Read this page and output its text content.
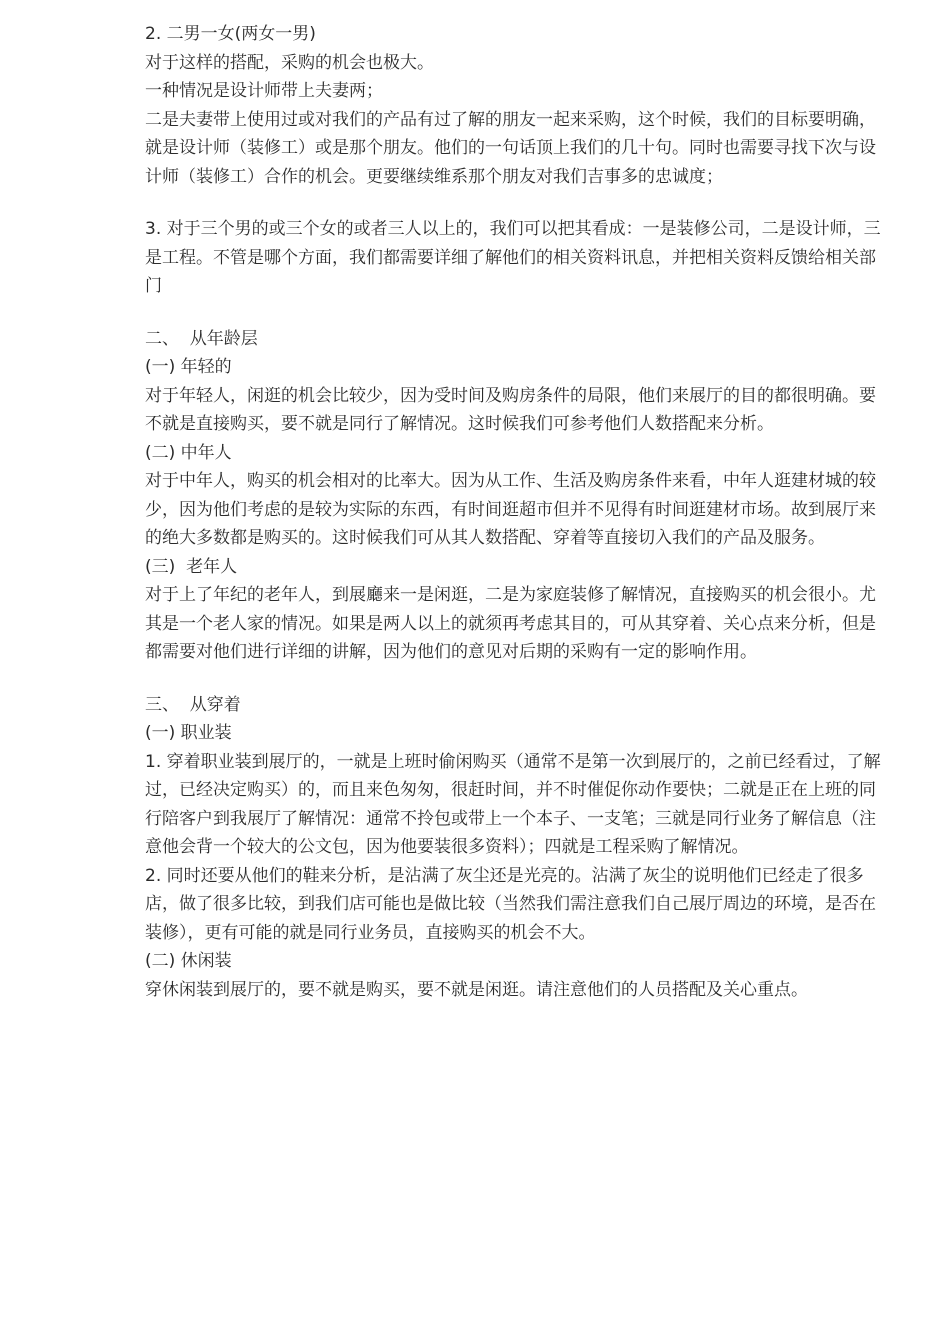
2. 二男一女(两女一男)

对于这样的搭配，采购的机会也极大。

一种情况是设计师带上夫妻两；

二是夫妻带上使用过或对我们的产品有过了解的朋友一起来采购，这个时候，我们的目标要明确，就是设计师（装修工）或是那个朋友。他们的一句话顶上我们的几十句。同时也需要寻找下次与设计师（装修工）合作的机会。更要继续维系那个朋友对我们吉事多的忠诚度；

3. 对于三个男的或三个女的或者三人以上的，我们可以把其看成：一是装修公司，二是设计师，三是工程。不管是哪个方面，我们都需要详细了解他们的相关资料讯息，并把相关资料反馈给相关部门

二、  从年龄层

(一) 年轻的

对于年轻人，闲逛的机会比较少，因为受时间及购房条件的局限，他们来展厅的目的都很明确。要不就是直接购买，要不就是同行了解情况。这时候我们可参考他们人数搭配来分析。

(二) 中年人

对于中年人，购买的机会相对的比率大。因为从工作、生活及购房条件来看，中年人逛建材城的较少，因为他们考虑的是较为实际的东西，有时间逛超市但并不见得有时间逛建材市场。故到展厅来的绝大多数都是购买的。这时候我们可从其人数搭配、穿着等直接切入我们的产品及服务。

(三)  老年人

对于上了年纪的老年人，到展廳来一是闲逛，二是为家庭装修了解情况，直接购买的机会很小。尤其是一个老人家的情况。如果是两人以上的就须再考虑其目的，可从其穿着、关心点来分析，但是都需要对他们进行详细的讲解，因为他们的意见对后期的采购有一定的影响作用。

三、  从穿着

(一) 职业装

1. 穿着职业装到展厅的，一就是上班时偷闲购买（通常不是第一次到展厅的，之前已经看过，了解过，已经决定购买）的，而且来色匆匆，很赶时间，并不时催促你动作要快；二就是正在上班的同行陪客户到我展厅了解情况：通常不拎包或带上一个本子、一支笔；三就是同行业务了解信息（注意他会背一个较大的公文包，因为他要装很多资料）；四就是工程采购了解情况。

2. 同时还要从他们的鞋来分析，是沾满了灰尘还是光亮的。沾满了灰尘的说明他们已经走了很多店，做了很多比较，到我们店可能也是做比较（当然我们需注意我们自己展厅周边的环境，是否在装修），更有可能的就是同行业务员，直接购买的机会不大。

(二) 休闲装

穿休闲装到展厅的，要不就是购买，要不就是闲逛。请注意他们的人员搭配及关心重点。
